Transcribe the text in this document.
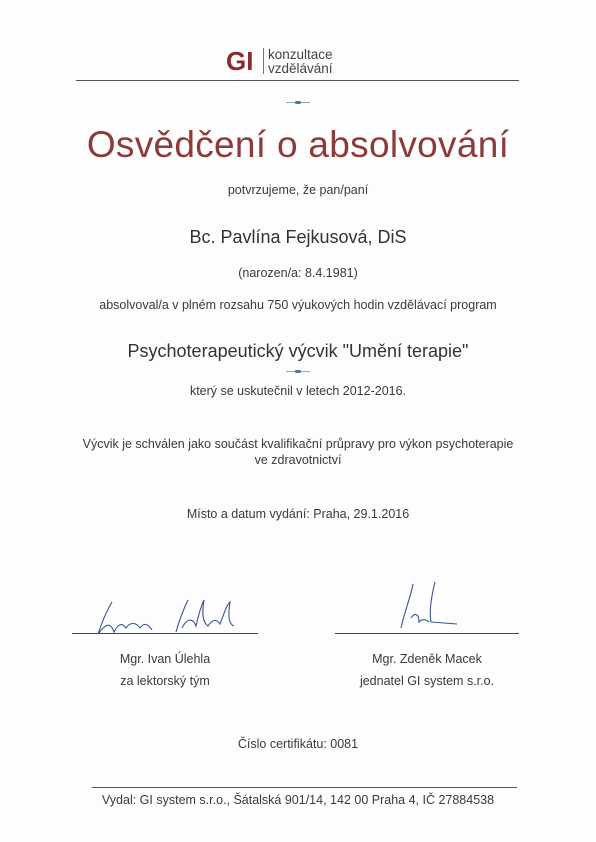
GI konzultace
vzdělávání
Osvědčení o absolvování
potvrzujeme, že pan/paní
Bc. Pavlína Fejkusová, DiS
(narozen/a: 8.4.1981)
absolvoval/a v plném rozsahu 750 výukových hodin vzdělávací program
Psychoterapeutický výcvik "Umění terapie"
který se uskutečnil v letech 2012-2016.
Výcvik je schválen jako součást kvalifikační průpravy pro výkon psychoterapie
ve zdravotnictví
Místo a datum vydání: Praha, 29.1.2016
Mgr. Ivan Úlehla
za lektorský tým
Mgr. Zdeněk Macek
jednatel GI system s.r.o.
Číslo certifikátu: 0081
Vydal: GI system s.r.o., Šátalská 901/14, 142 00 Praha 4, IČ 27884538
